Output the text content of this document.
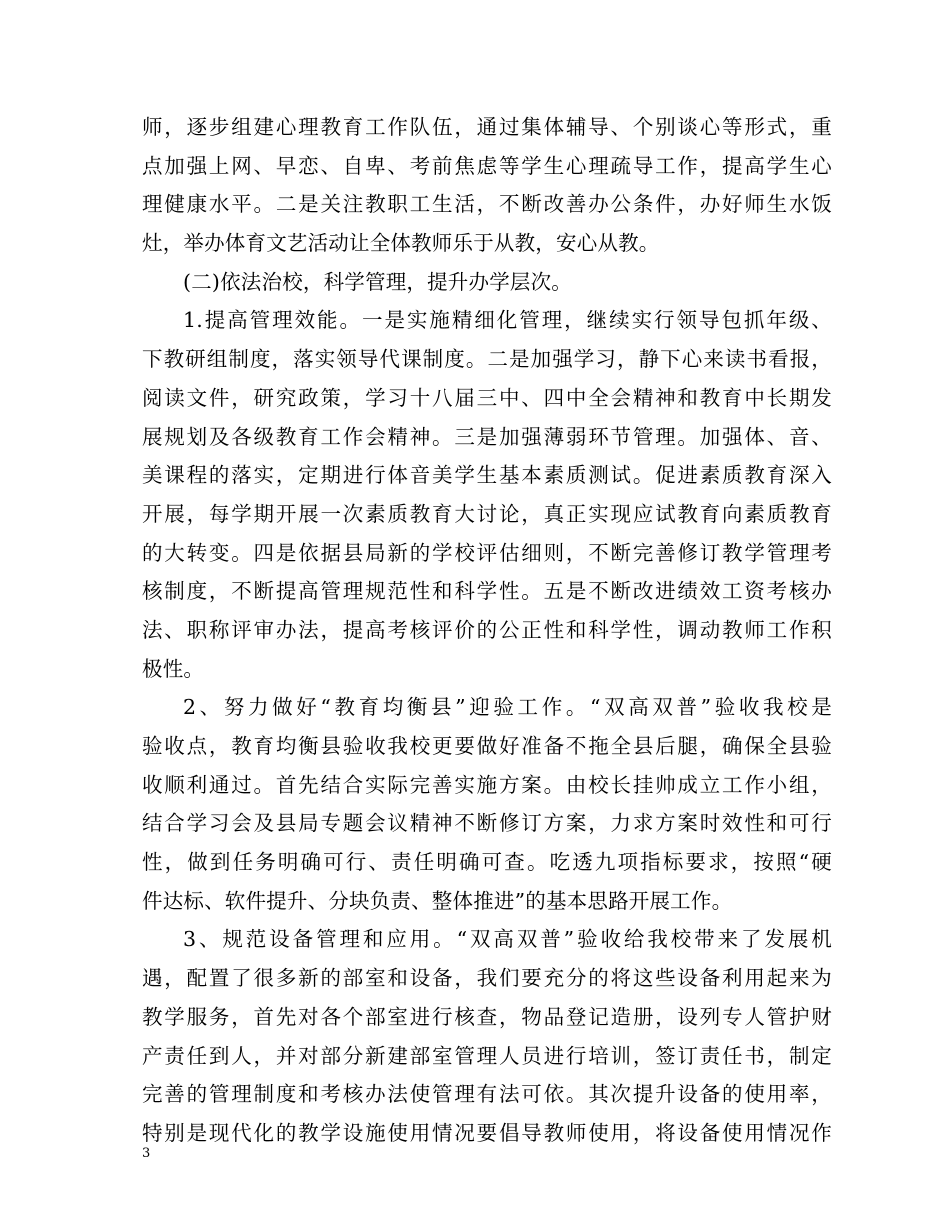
师，逐步组建心理教育工作队伍，通过集体辅导、个别谈心等形式，重
点加强上网、早恋、自卑、考前焦虑等学生心理疏导工作，提高学生心
理健康水平。二是关注教职工生活，不断改善办公条件，办好师生水饭
灶，举办体育文艺活动让全体教师乐于从教，安心从教。
(二)依法治校，科学管理，提升办学层次。
1.提高管理效能。一是实施精细化管理，继续实行领导包抓年级、
下教研组制度，落实领导代课制度。二是加强学习，静下心来读书看报，
阅读文件，研究政策，学习十八届三中、四中全会精神和教育中长期发
展规划及各级教育工作会精神。三是加强薄弱环节管理。加强体、音、
美课程的落实，定期进行体音美学生基本素质测试。促进素质教育深入
开展，每学期开展一次素质教育大讨论，真正实现应试教育向素质教育
的大转变。四是依据县局新的学校评估细则，不断完善修订教学管理考
核制度，不断提高管理规范性和科学性。五是不断改进绩效工资考核办
法、职称评审办法，提高考核评价的公正性和科学性，调动教师工作积
极性。
2、努力做好“教育均衡县”迎验工作。“双高双普”验收我校是
验收点，教育均衡县验收我校更要做好准备不拖全县后腿，确保全县验
收顺利通过。首先结合实际完善实施方案。由校长挂帅成立工作小组，
结合学习会及县局专题会议精神不断修订方案，力求方案时效性和可行
性，做到任务明确可行、责任明确可查。吃透九项指标要求，按照“硬
件达标、软件提升、分块负责、整体推进”的基本思路开展工作。
3、规范设备管理和应用。“双高双普”验收给我校带来了发展机
遇，配置了很多新的部室和设备，我们要充分的将这些设备利用起来为
教学服务，首先对各个部室进行核查，物品登记造册，设列专人管护财
产责任到人，并对部分新建部室管理人员进行培训，签订责任书，制定
完善的管理制度和考核办法使管理有法可依。其次提升设备的使用率，
特别是现代化的教学设施使用情况要倡导教师使用，将设备使用情况作
3
